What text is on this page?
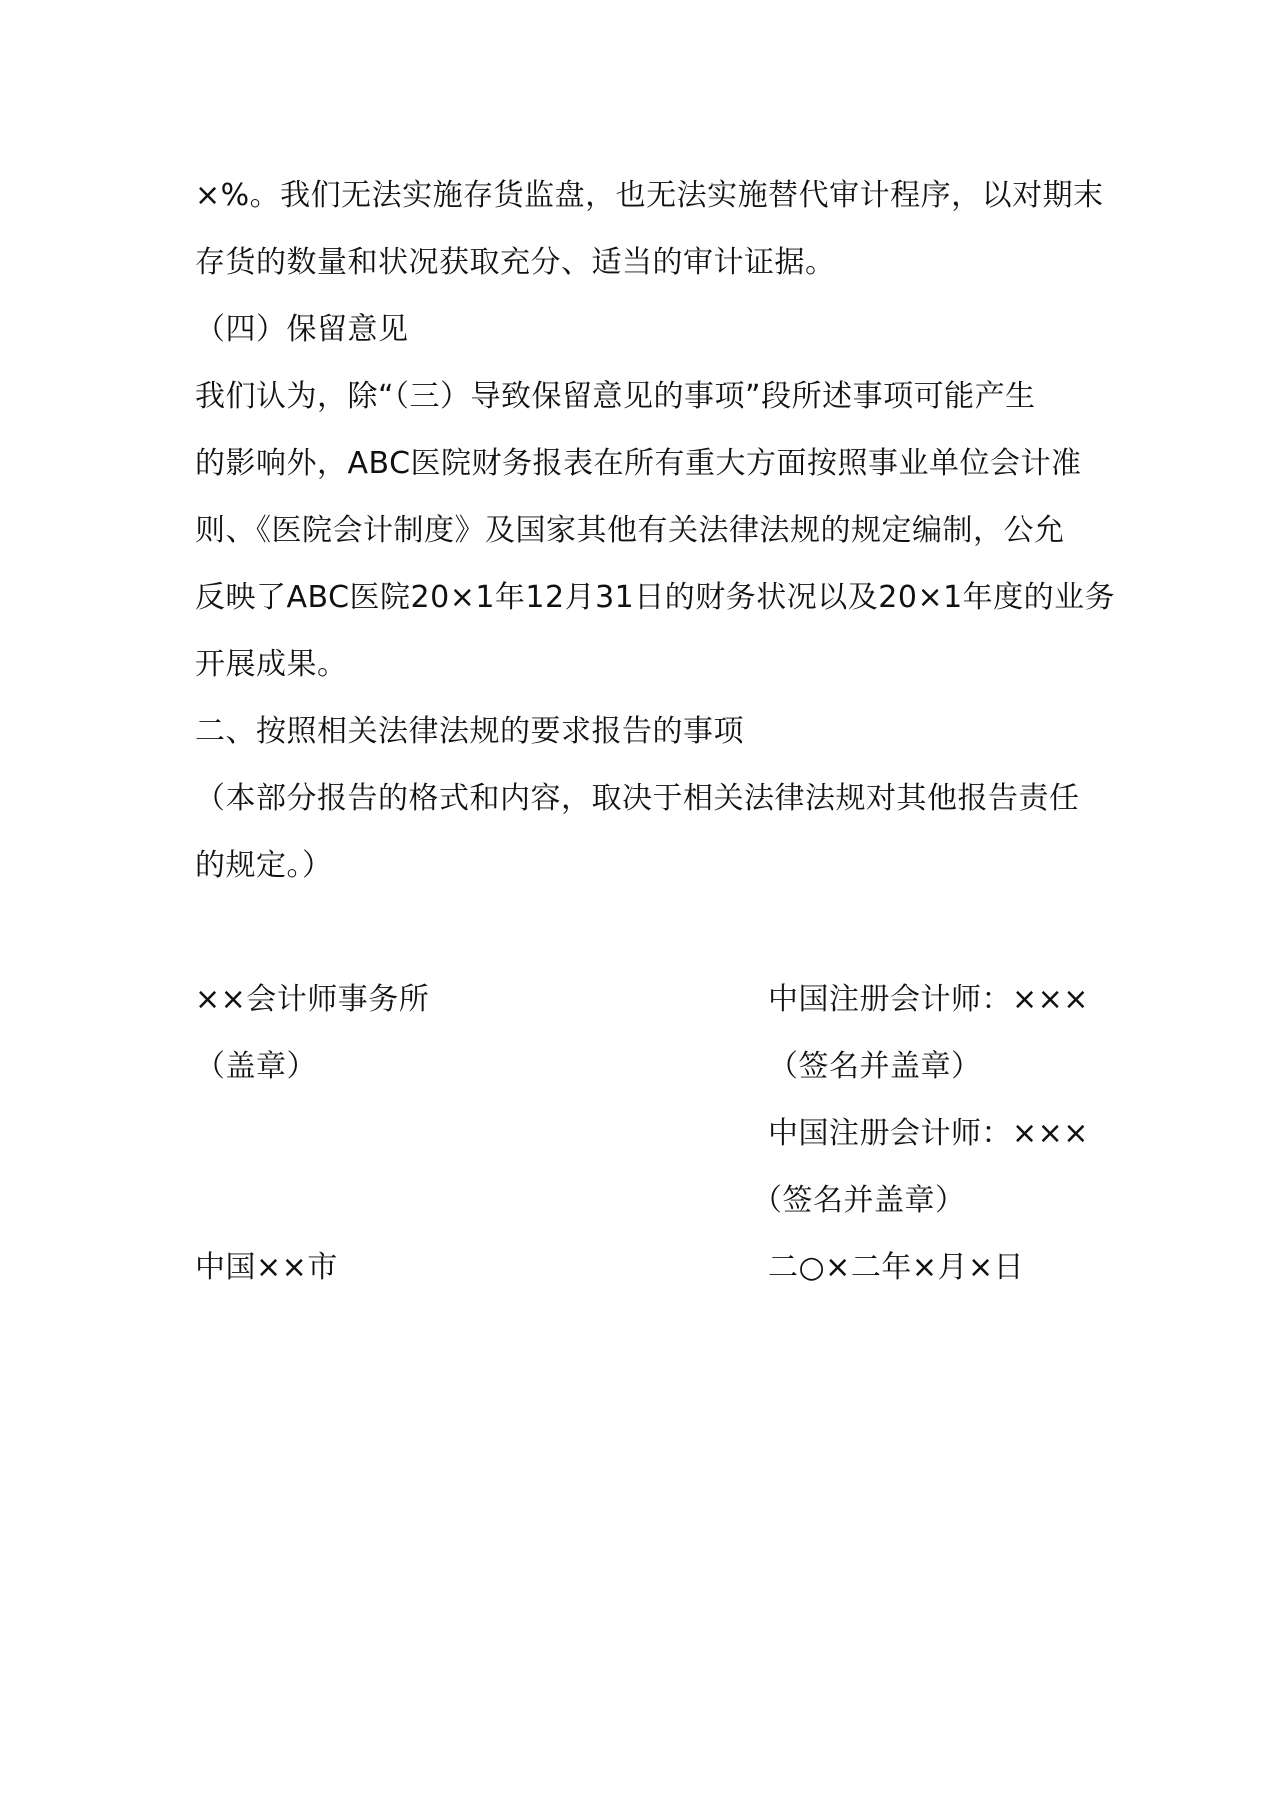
×%。我们无法实施存货监盘，也无法实施替代审计程序，以对期末
存货的数量和状况获取充分、适当的审计证据。
（四）保留意见
我们认为，除“（三）导致保留意见的事项”段所述事项可能产生
的影响外，ABC医院财务报表在所有重大方面按照事业单位会计准
则、《医院会计制度》及国家其他有关法律法规的规定编制，公允
反映了ABC医院20×1年12月31日的财务状况以及20×1年度的业务
开展成果。
二、按照相关法律法规的要求报告的事项
（本部分报告的格式和内容，取决于相关法律法规对其他报告责任
的规定。）
××会计师事务所	中国注册会计师：×××
（盖章）	（签名并盖章）
中国注册会计师：×××
（签名并盖章）
中国××市	二○×二年×月×日
